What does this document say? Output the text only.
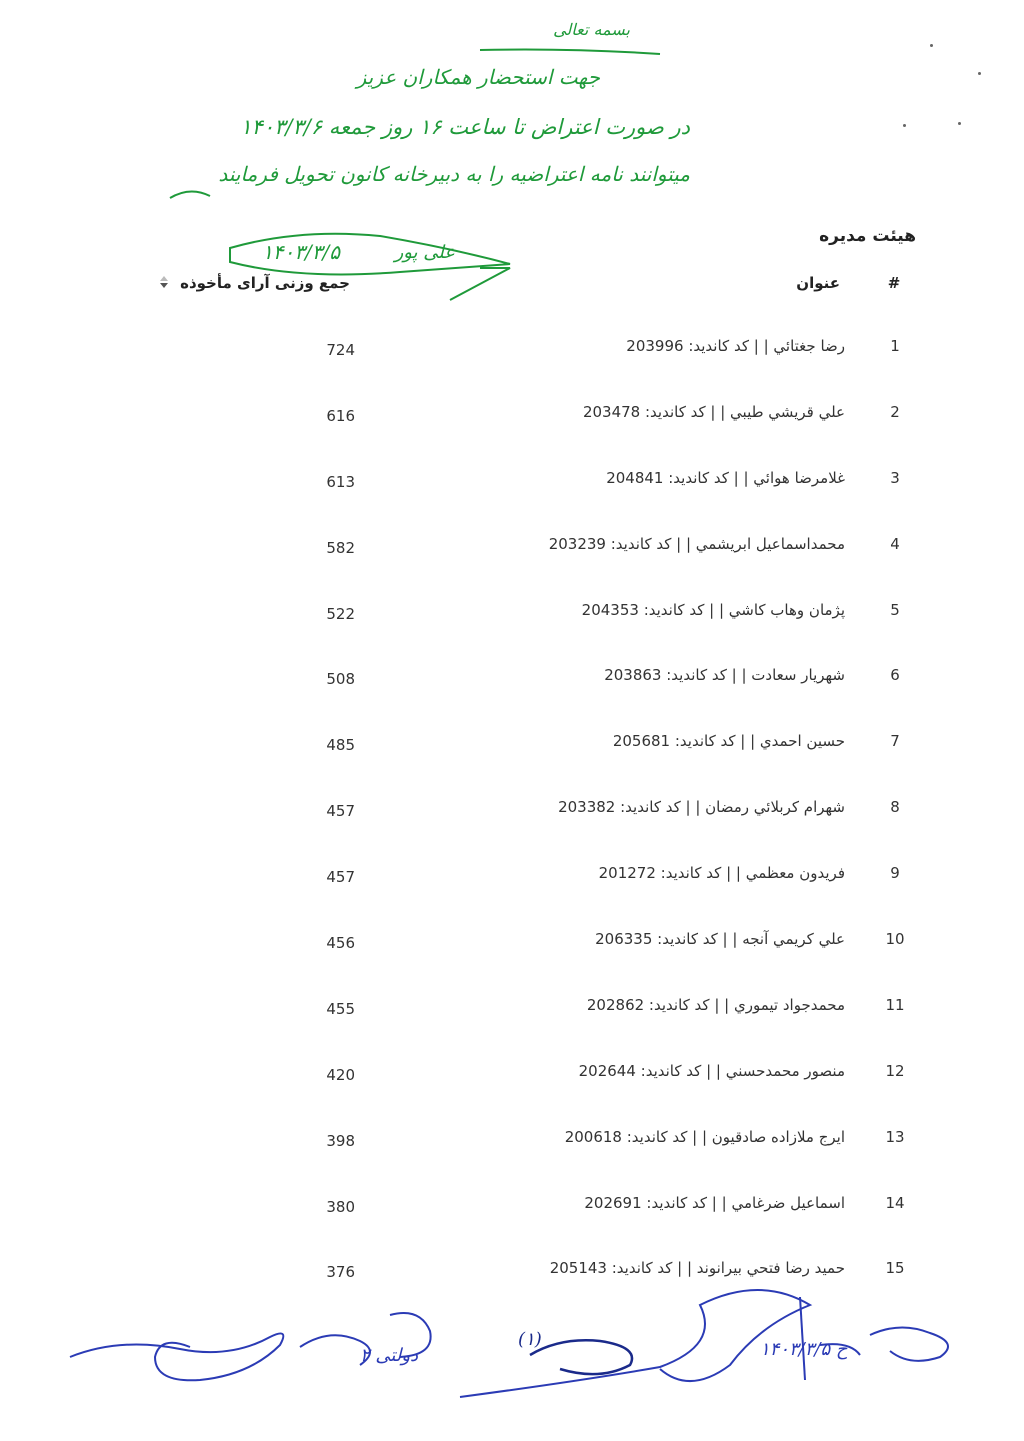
بسمه تعالی
جهت استحضار همکاران عزیز
در صورت اعتراض تا ساعت ۱۶ روز جمعه ۱۴۰۳/۳/۶
میتوانند نامه اعتراضیه را به دبیرخانه کانون تحویل فرمایند
علی پور
۱۴۰۳/۳/۵
هیئت مدیره
#
عنوان
جمع وزنی آرای مأخوذه
1
رضا جغتائي | | كد كانديد: 203996
724
2
علي قريشي طيبي | | كد كانديد: 203478
616
3
غلامرضا هوائي | | كد كانديد: 204841
613
4
محمداسماعيل ابريشمي | | كد كانديد: 203239
582
5
پژمان وهاب كاشي | | كد كانديد: 204353
522
6
شهريار سعادت | | كد كانديد: 203863
508
7
حسين احمدي | | كد كانديد: 205681
485
8
شهرام كربلائي رمضان | | كد كانديد: 203382
457
9
فريدون معظمي | | كد كانديد: 201272
457
10
علي كريمي آنجه | | كد كانديد: 206335
456
11
محمدجواد تيموري | | كد كانديد: 202862
455
12
منصور محمدحسني | | كد كانديد: 202644
420
13
ايرج ملازاده صادقيون | | كد كانديد: 200618
398
14
اسماعيل ضرغامي | | كد كانديد: 202691
380
15
حميد رضا فتحي بيرانوند | | كد كانديد: 205143
376
خ ۱۴۰۳/۳/۵
(۱)
دولتی ۲
